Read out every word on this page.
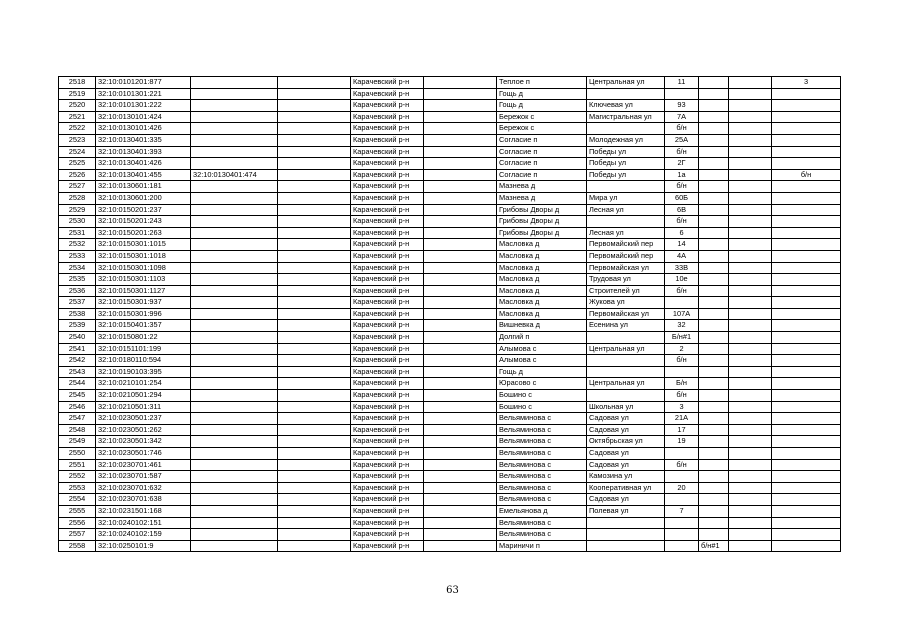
2518	32:10:0101201:877			Карачевский р-н		Теплое п	Центральная ул	11			3
2519	32:10:0101301:221			Карачевский р-н		Гощь д					
2520	32:10:0101301:222			Карачевский р-н		Гощь д	Ключевая ул	93			
2521	32:10:0130101:424			Карачевский р-н		Бережок с	Магистральная ул	7А			
2522	32:10:0130101:426			Карачевский р-н		Бережок с		б/н			
2523	32:10:0130401:335			Карачевский р-н		Согласие п	Молодежная ул	25А			
2524	32:10:0130401:393			Карачевский р-н		Согласие п	Победы ул	б/н			
2525	32:10:0130401:426			Карачевский р-н		Согласие п	Победы ул	2Г			
2526	32:10:0130401:455	32:10:0130401:474		Карачевский р-н		Согласие п	Победы ул	1а			б/н
2527	32:10:0130601:181			Карачевский р-н		Мазнева д		б/н			
2528	32:10:0130601:200			Карачевский р-н		Мазнева д	Мира ул	60Б			
2529	32:10:0150201:237			Карачевский р-н		Грибовы Дворы д	Лесная ул	6В			
2530	32:10:0150201:243			Карачевский р-н		Грибовы Дворы д		б/н			
2531	32:10:0150201:263			Карачевский р-н		Грибовы Дворы д	Лесная ул	6			
2532	32:10:0150301:1015			Карачевский р-н		Масловка д	Первомайский пер	14			
2533	32:10:0150301:1018			Карачевский р-н		Масловка д	Первомайский пер	4А			
2534	32:10:0150301:1098			Карачевский р-н		Масловка д	Первомайская ул	33В			
2535	32:10:0150301:1103			Карачевский р-н		Масловка д	Трудовая ул	10е			
2536	32:10:0150301:1127			Карачевский р-н		Масловка д	Строителей ул	б/н			
2537	32:10:0150301:937			Карачевский р-н		Масловка д	Жукова ул				
2538	32:10:0150301:996			Карачевский р-н		Масловка д	Первомайская ул	107А			
2539	32:10:0150401:357			Карачевский р-н		Вишневка д	Есенина ул	32			
2540	32:10:0150801:22			Карачевский р-н		Долгий п		Б/н#1			
2541	32:10:0151101:199			Карачевский р-н		Алымова с	Центральная ул	2			
2542	32:10:0180110:594			Карачевский р-н		Алымова с		б/н			
2543	32:10:0190103:395			Карачевский р-н		Гощь д					
2544	32:10:0210101:254			Карачевский р-н		Юрасово с	Центральная ул	Б/н			
2545	32:10:0210501:294			Карачевский р-н		Бошино с		б/н			
2546	32:10:0210501:311			Карачевский р-н		Бошино с	Школьная ул	3			
2547	32:10:0230501:237			Карачевский р-н		Вельяминова с	Садовая ул	21А			
2548	32:10:0230501:262			Карачевский р-н		Вельяминова с	Садовая ул	17			
2549	32:10:0230501:342			Карачевский р-н		Вельяминова с	Октябрьская ул	19			
2550	32:10:0230501:746			Карачевский р-н		Вельяминова с	Садовая ул				
2551	32:10:0230701:461			Карачевский р-н		Вельяминова с	Садовая ул	б/н			
2552	32:10:0230701:587			Карачевский р-н		Вельяминова с	Камозина ул				
2553	32:10:0230701:632			Карачевский р-н		Вельяминова с	Кооперативная ул	20			
2554	32:10:0230701:638			Карачевский р-н		Вельяминова с	Садовая ул				
2555	32:10:0231501:168			Карачевский р-н		Емельянова д	Полевая ул	7			
2556	32:10:0240102:151			Карачевский р-н		Вельяминова с					
2557	32:10:0240102:159			Карачевский р-н		Вельяминова с					
2558	32:10:0250101:9			Карачевский р-н		Мариничи п			б/н#1		
63
